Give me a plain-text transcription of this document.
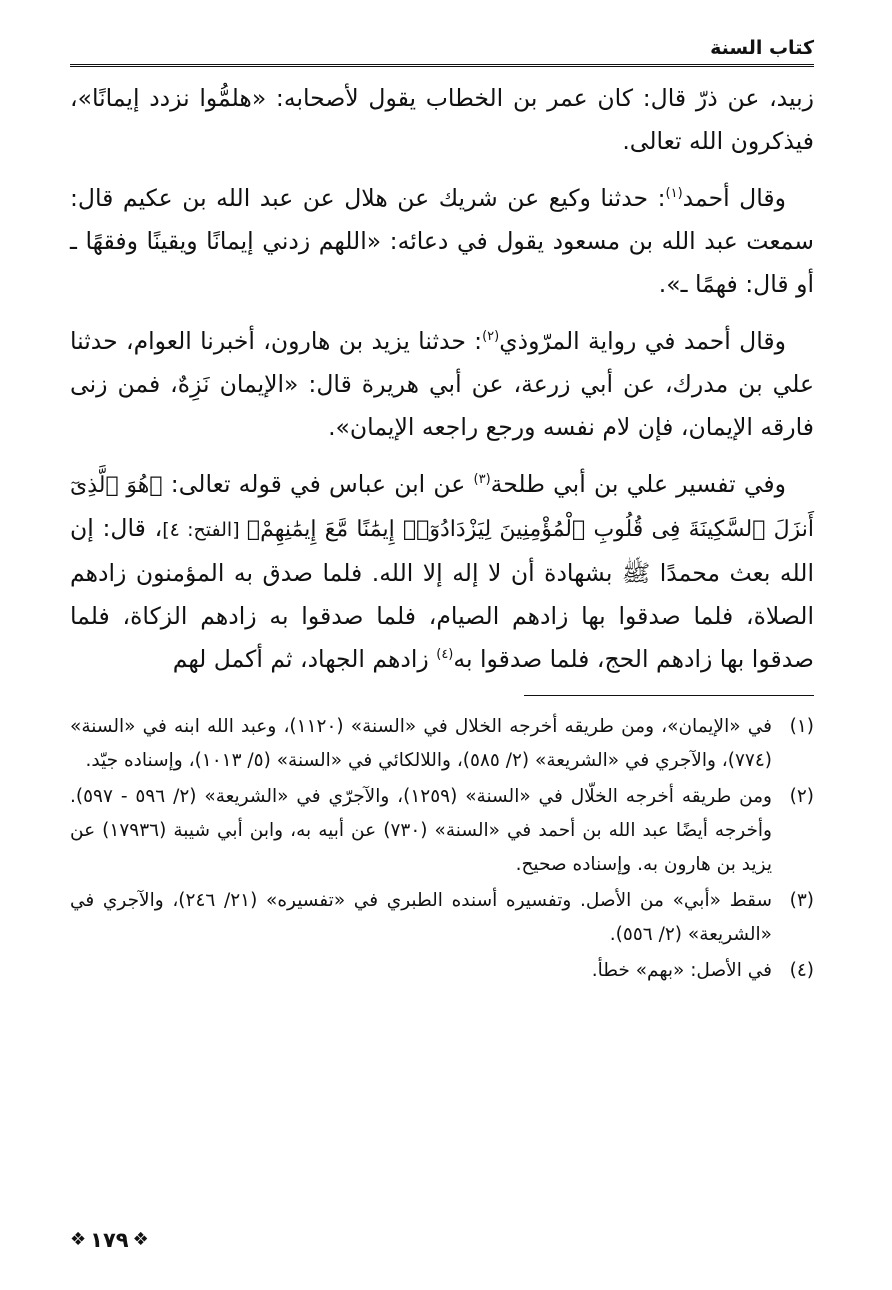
كتاب السنة

زبيد، عن ذرّ قال: كان عمر بن الخطاب يقول لأصحابه: «هلمُّوا نزدد إيمانًا»، فيذكرون الله تعالى.

وقال أحمد$^{(١)}$: حدثنا وكيع عن شريك عن هلال عن عبد الله بن عكيم قال: سمعت عبد الله بن مسعود يقول في دعائه: «اللهم زدني إيمانًا ويقينًا وفقهًا ـ أو قال: فهمًا ـ».

وقال أحمد في رواية المرّوذي$^{(٢)}$: حدثنا يزيد بن هارون، أخبرنا العوام، حدثنا علي بن مدرك، عن أبي زرعة، عن أبي هريرة قال: «الإيمان نَزِهٌ، فمن زنى فارقه الإيمان، فإن لام نفسه ورجع راجعه الإيمان».

وفي تفسير علي بن أبي طلحة$^{(٣)}$ عن ابن عباس في قوله تعالى: ﴿هُوَ ٱلَّذِىٓ أَنزَلَ ٱلسَّكِينَةَ فِى قُلُوبِ ٱلْمُؤْمِنِينَ لِيَزْدَادُوٓا۟ إِيمَٰنًا مَّعَ إِيمَٰنِهِمْ﴾ [الفتح: ٤]، قال: إن الله بعث محمدًا ﷺ بشهادة أن لا إله إلا الله. فلما صدق به المؤمنون زادهم الصلاة، فلما صدقوا بها زادهم الصيام، فلما صدقوا به زادهم الزكاة، فلما صدقوا بها زادهم الحج، فلما صدقوا به$^{(٤)}$ زادهم الجهاد، ثم أكمل لهم

(١)
في «الإيمان»، ومن طريقه أخرجه الخلال في «السنة» (١١٢٠)، وعبد الله ابنه في «السنة» (٧٧٤)، والآجري في «الشريعة» (٢/ ٥٨٥)، واللالكائي في «السنة» (٥/ ١٠١٣)، وإسناده جيّد.
(٢)
ومن طريقه أخرجه الخلّال في «السنة» (١٢٥٩)، والآجرّي في «الشريعة» (٢/ ٥٩٦ - ٥٩٧). وأخرجه أيضًا عبد الله بن أحمد في «السنة» (٧٣٠) عن أبيه به، وابن أبي شيبة (١٧٩٣٦) عن يزيد بن هارون به. وإسناده صحيح.
(٣)
سقط «أبي» من الأصل. وتفسيره أسنده الطبري في «تفسيره» (٢١/ ٢٤٦)، والآجري في «الشريعة» (٢/ ٥٥٦).
(٤)
في الأصل: «بهم» خطأ.
❖ ١٧٩ ❖
